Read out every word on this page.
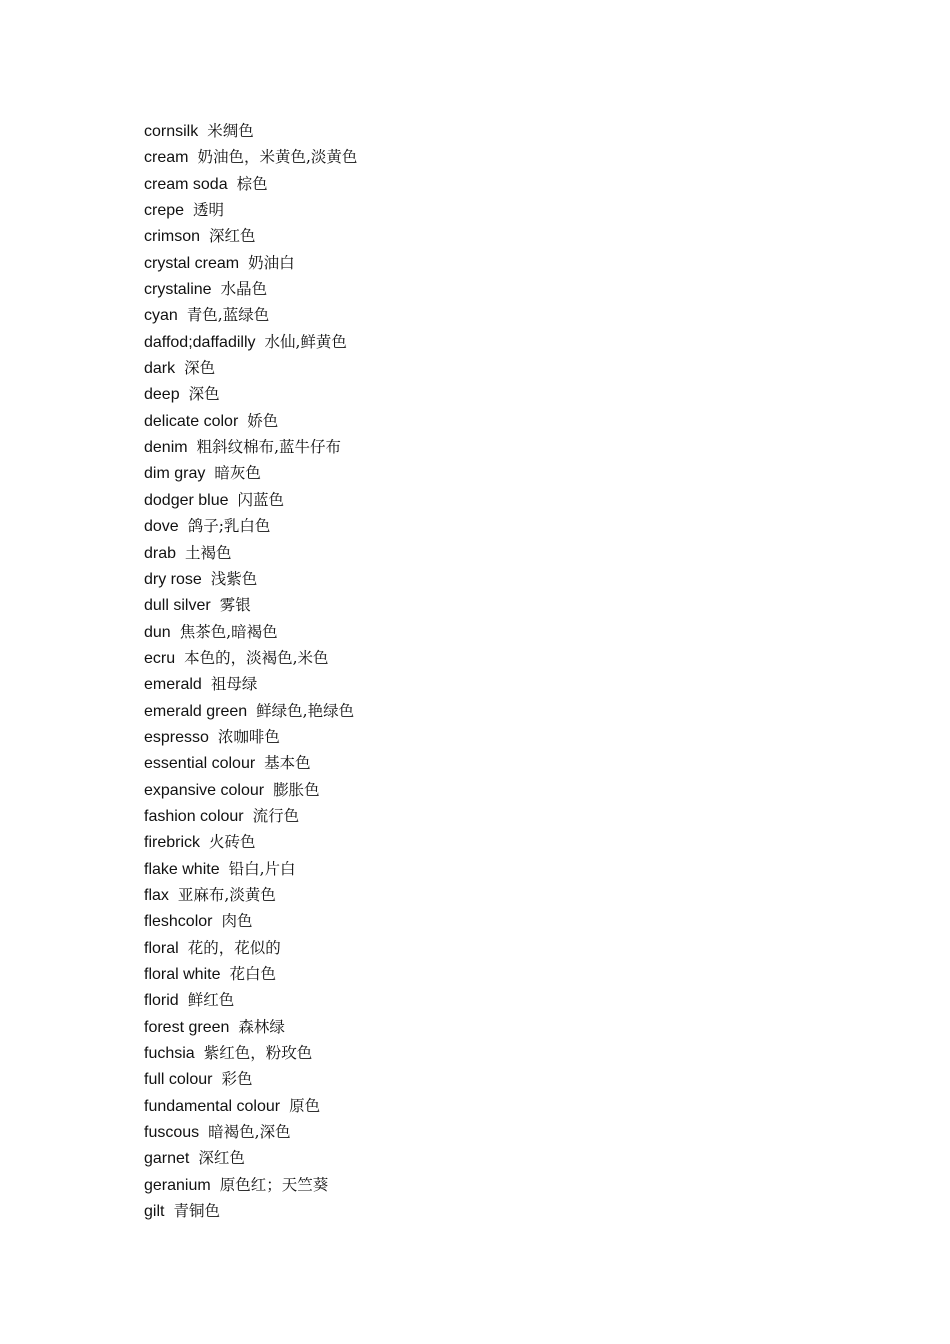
cornsilk 米绸色
cream 奶油色，米黄色,淡黄色
cream soda 棕色
crepe 透明
crimson 深红色
crystal cream 奶油白
crystaline 水晶色
cyan 青色,蓝绿色
daffod;daffadilly 水仙,鲜黄色
dark 深色
deep 深色
delicate color 娇色
denim 粗斜纹棉布,蓝牛仔布
dim gray 暗灰色
dodger blue 闪蓝色
dove 鸽子;乳白色
drab 土褐色
dry rose 浅紫色
dull silver 雾银
dun 焦茶色,暗褐色
ecru 本色的，淡褐色,米色
emerald 祖母绿
emerald green 鲜绿色,艳绿色
espresso 浓咖啡色
essential colour 基本色
expansive colour 膨胀色
fashion colour 流行色
firebrick 火砖色
flake white 铅白,片白
flax 亚麻布,淡黄色
fleshcolor 肉色
floral 花的，花似的
floral white 花白色
florid 鲜红色
forest green 森林绿
fuchsia 紫红色，粉玫色
full colour 彩色
fundamental colour 原色
fuscous 暗褐色,深色
garnet 深红色
geranium 原色红；天竺葵
gilt 青铜色
